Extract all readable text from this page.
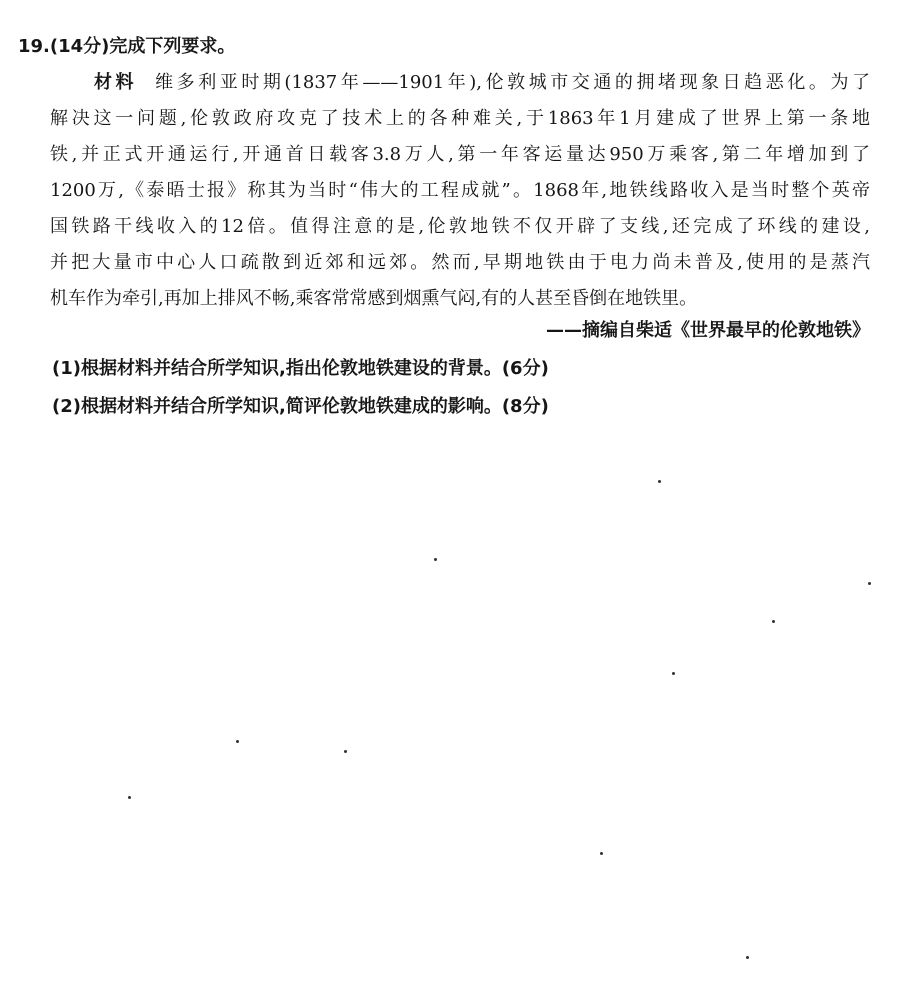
19.(14分)完成下列要求。
材料 维多利亚时期(1837年——1901年),伦敦城市交通的拥堵现象日趋恶化。为了
解决这一问题,伦敦政府攻克了技术上的各种难关,于1863年1月建成了世界上第一条地
铁,并正式开通运行,开通首日载客3.8万人,第一年客运量达950万乘客,第二年增加到了
1200万,《泰晤士报》称其为当时“伟大的工程成就”。1868年,地铁线路收入是当时整个英帝
国铁路干线收入的12倍。值得注意的是,伦敦地铁不仅开辟了支线,还完成了环线的建设,
并把大量市中心人口疏散到近郊和远郊。然而,早期地铁由于电力尚未普及,使用的是蒸汽
机车作为牵引,再加上排风不畅,乘客常常感到烟熏气闷,有的人甚至昏倒在地铁里。
——摘编自柴适《世界最早的伦敦地铁》
(1)根据材料并结合所学知识,指出伦敦地铁建设的背景。(6分)
(2)根据材料并结合所学知识,简评伦敦地铁建成的影响。(8分)
